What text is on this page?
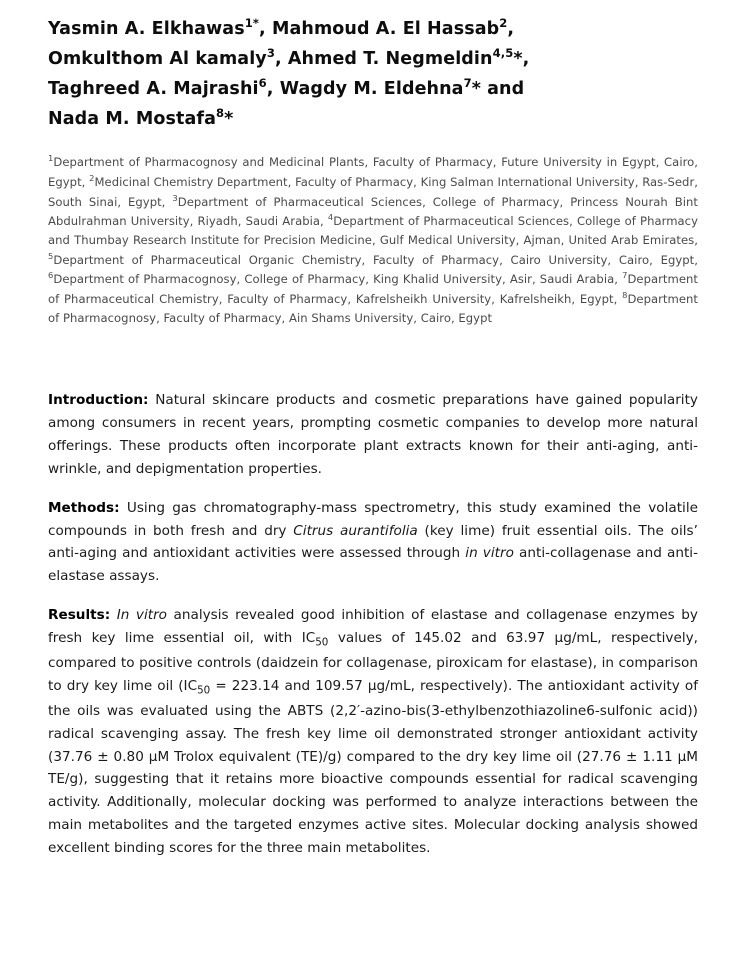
Yasmin A. Elkhawas$^{1*}$, Mahmoud A. El Hassab$^2$,
Omkulthom Al kamaly$^3$, Ahmed T. Negmeldin$^{4,5}$*,
Taghreed A. Majrashi$^6$, Wagdy M. Eldehna$^7$* and
Nada M. Mostafa$^8$*

$^1$Department of Pharmacognosy and Medicinal Plants, Faculty of Pharmacy, Future University in Egypt, Cairo, Egypt, $^2$Medicinal Chemistry Department, Faculty of Pharmacy, King Salman International University, Ras-Sedr, South Sinai, Egypt, $^3$Department of Pharmaceutical Sciences, College of Pharmacy, Princess Nourah Bint Abdulrahman University, Riyadh, Saudi Arabia, $^4$Department of Pharmaceutical Sciences, College of Pharmacy and Thumbay Research Institute for Precision Medicine, Gulf Medical University, Ajman, United Arab Emirates, $^5$Department of Pharmaceutical Organic Chemistry, Faculty of Pharmacy, Cairo University, Cairo, Egypt, $^6$Department of Pharmacognosy, College of Pharmacy, King Khalid University, Asir, Saudi Arabia, $^7$Department of Pharmaceutical Chemistry, Faculty of Pharmacy, Kafrelsheikh University, Kafrelsheikh, Egypt, $^8$Department of Pharmacognosy, Faculty of Pharmacy, Ain Shams University, Cairo, Egypt

Introduction: Natural skincare products and cosmetic preparations have gained popularity among consumers in recent years, prompting cosmetic companies to develop more natural offerings. These products often incorporate plant extracts known for their anti-aging, anti-wrinkle, and depigmentation properties.

Methods: Using gas chromatography-mass spectrometry, this study examined the volatile compounds in both fresh and dry Citrus aurantifolia (key lime) fruit essential oils. The oils’ anti-aging and antioxidant activities were assessed through in vitro anti-collagenase and anti-elastase assays.

Results: In vitro analysis revealed good inhibition of elastase and collagenase enzymes by fresh key lime essential oil, with $IC_{50}$ values of 145.02 and 63.97 μg/mL, respectively, compared to positive controls (daidzein for collagenase, piroxicam for elastase), in comparison to dry key lime oil ($IC_{50} = 223.14$ and 109.57 μg/mL, respectively). The antioxidant activity of the oils was evaluated using the ABTS (2,2′-azino-bis(3-ethylbenzothiazoline6-sulfonic acid)) radical scavenging assay. The fresh key lime oil demonstrated stronger antioxidant activity (37.76 ± 0.80 μM Trolox equivalent (TE)/g) compared to the dry key lime oil (27.76 ± 1.11 μM TE/g), suggesting that it retains more bioactive compounds essential for radical scavenging activity. Additionally, molecular docking was performed to analyze interactions between the main metabolites and the targeted enzymes active sites. Molecular docking analysis showed excellent binding scores for the three main metabolites.
